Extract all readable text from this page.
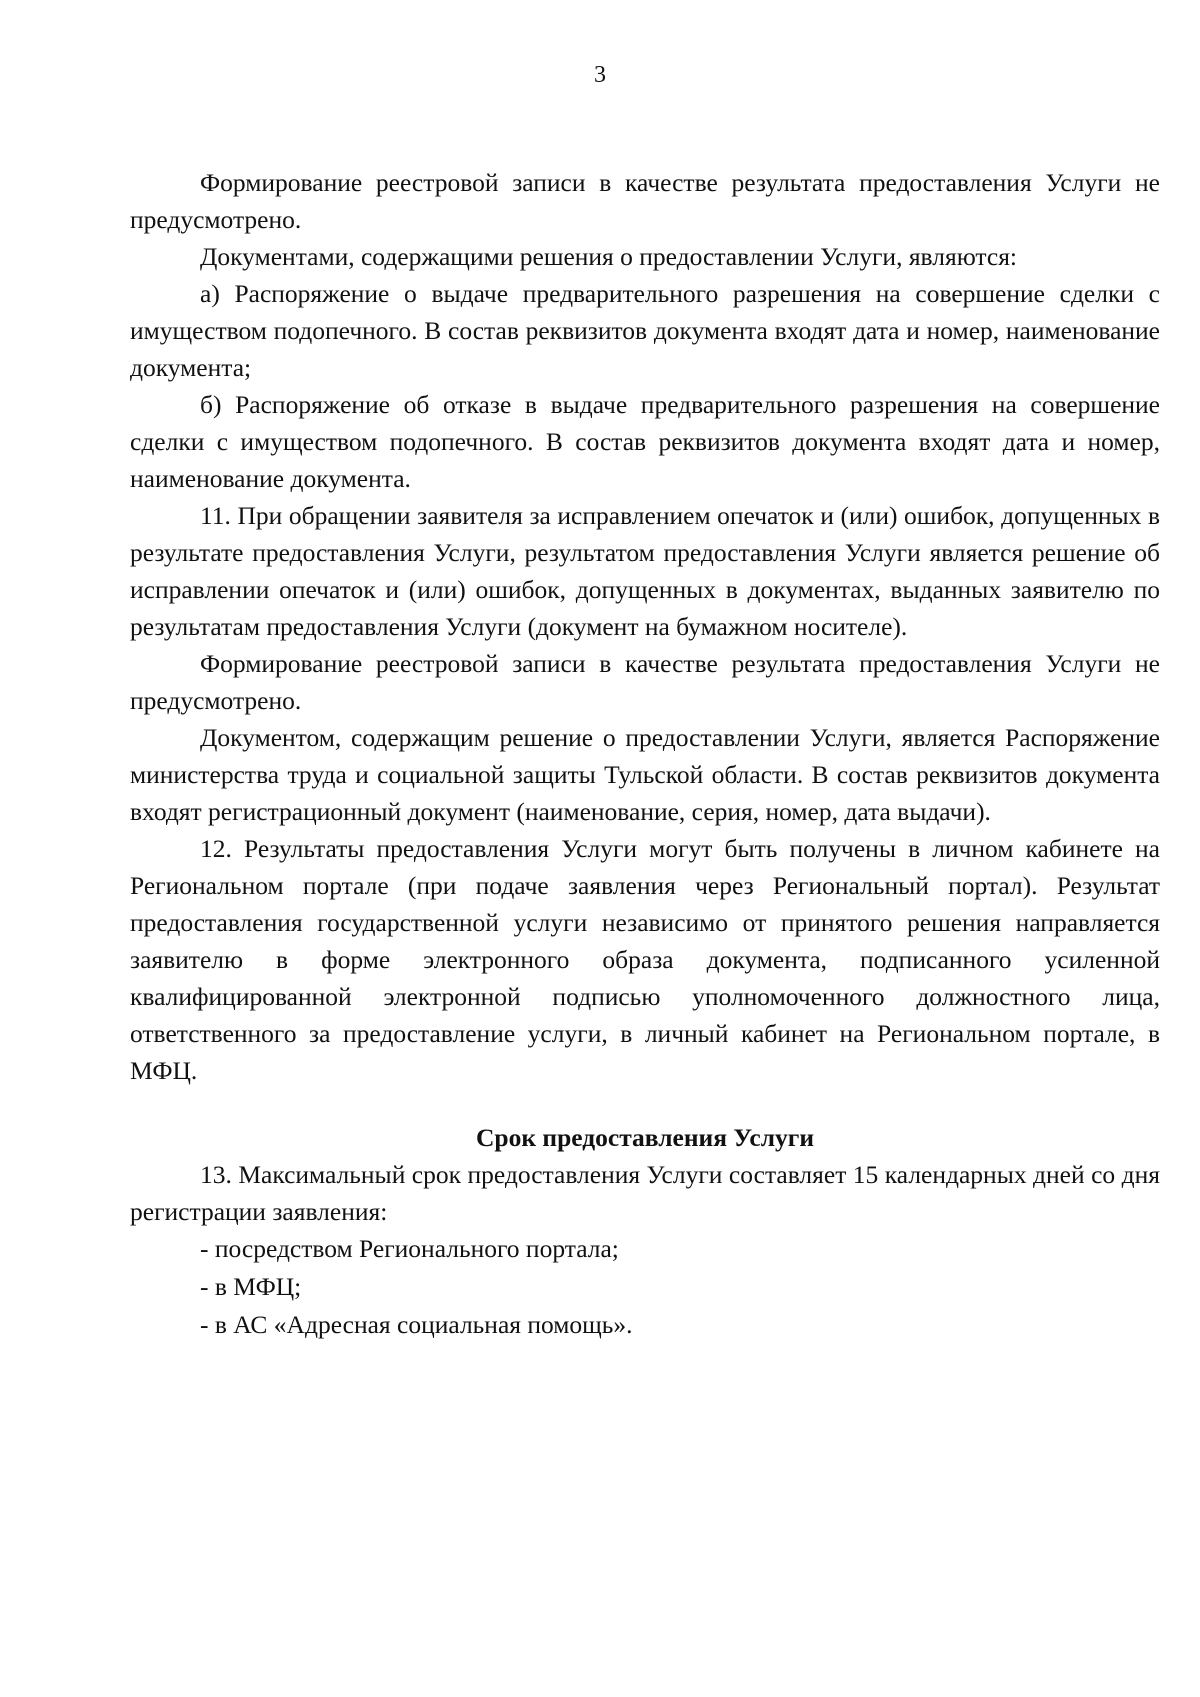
3

Формирование реестровой записи в качестве результата предоставления Услуги не предусмотрено.

Документами, содержащими решения о предоставлении Услуги, являются:

а) Распоряжение о выдаче предварительного разрешения на совершение сделки с имуществом подопечного. В состав реквизитов документа входят дата и номер, наименование документа;

б) Распоряжение об отказе в выдаче предварительного разрешения на совершение сделки с имуществом подопечного. В состав реквизитов документа входят дата и номер, наименование документа.

11. При обращении заявителя за исправлением опечаток и (или) ошибок, допущенных в результате предоставления Услуги, результатом предоставления Услуги является решение об исправлении опечаток и (или) ошибок, допущенных в документах, выданных заявителю по результатам предоставления Услуги (документ на бумажном носителе).

Формирование реестровой записи в качестве результата предоставления Услуги не предусмотрено.

Документом, содержащим решение о предоставлении Услуги, является Распоряжение министерства труда и социальной защиты Тульской области. В состав реквизитов документа входят регистрационный документ (наименование, серия, номер, дата выдачи).

12. Результаты предоставления Услуги могут быть получены в личном кабинете на Региональном портале (при подаче заявления через Региональный портал). Результат предоставления государственной услуги независимо от принятого решения направляется заявителю в форме электронного образа документа, подписанного усиленной квалифицированной электронной подписью уполномоченного должностного лица, ответственного за предоставление услуги, в личный кабинет на Региональном портале, в МФЦ.

Срок предоставления Услуги

13. Максимальный срок предоставления Услуги составляет 15 календарных дней со дня регистрации заявления:

- посредством Регионального портала;

- в МФЦ;

- в АС «Адресная социальная помощь».
